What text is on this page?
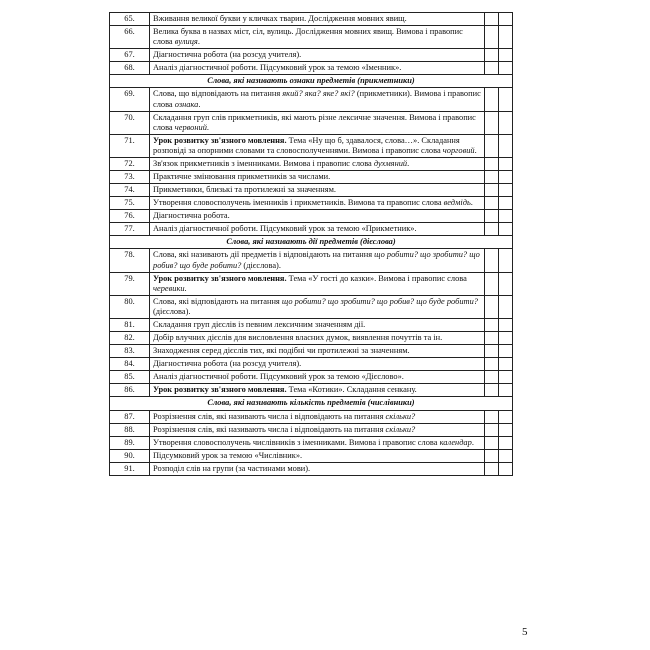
65.	Вживання великої букви у кличках тварин. Дослідження мовних явищ.		
66.	Велика буква в назвах міст, сіл, вулиць. Дослідження мовних явищ. Вимова і правопис слова вулиця.		
67.	Діагностична робота (на розсуд учителя).		
68.	Аналіз діагностичної роботи. Підсумковий урок за темою «Іменник».		
Слова, які називають ознаки предметів (прикметники)			
69.	Слова, що відповідають на питання який? яка? яке? які? (прикметники). Вимова і правопис слова ознака.		
70.	Складання груп слів прикметників, які мають різне лексичне значення. Вимова і правопис слова червоний.		
71.	Урок розвитку зв'язного мовлення. Тема «Ну що б, здавалося, слова…». Складання розповіді за опорними словами та словосполученнями. Вимова і правопис слова чорговий.		
72.	Зв'язок прикметників з іменниками. Вимова і правопис слова духмяний.		
73.	Практичне змінювання прикметників за числами.		
74.	Прикметники, близькі та протилежні за значенням.		
75.	Утворення словосполучень іменників і прикметників. Вимова та правопис слова ведмідь.		
76.	Діагностична робота.		
77.	Аналіз діагностичної роботи. Підсумковий урок за темою «Прикметник».		
Слова, які називають дії предметів (дієслова)			
78.	Слова, які називають дії предметів і відповідають на питання що робити? що зробити? що робив? що буде робити? (дієслова).		
79.	Урок розвитку зв'язного мовлення. Тема «У гості до казки». Вимова і правопис слова черевики.		
80.	Слова, які відповідають на питання що робити? що зробити? що робив? що буде робити? (дієслова).		
81.	Складання груп дієслів із певним лексичним значенням дії.		
82.	Добір влучних дієслів для висловлення власних думок, виявлення почуттів та ін.		
83.	Знаходження серед дієслів тих, які подібні чи протилежні за значенням.		
84.	Діагностична робота (на розсуд учителя).		
85.	Аналіз діагностичної роботи. Підсумковий урок за темою «Дієслово».		
86.	Урок розвитку зв'язного мовлення. Тема «Котики». Складання сенкану.		
Слова, які називають кількість предметів (числівники)			
87.	Розрізнення слів, які називають числа і відповідають на питання скільки?		
88.	Розрізнення слів, які називають числа і відповідають на питання скільки?		
89.	Утворення словосполучень числівників з іменниками. Вимова і правопис слова календар.		
90.	Підсумковий урок за темою «Числівник».		
91.	Розподіл слів на групи (за частинами мови).		
5
